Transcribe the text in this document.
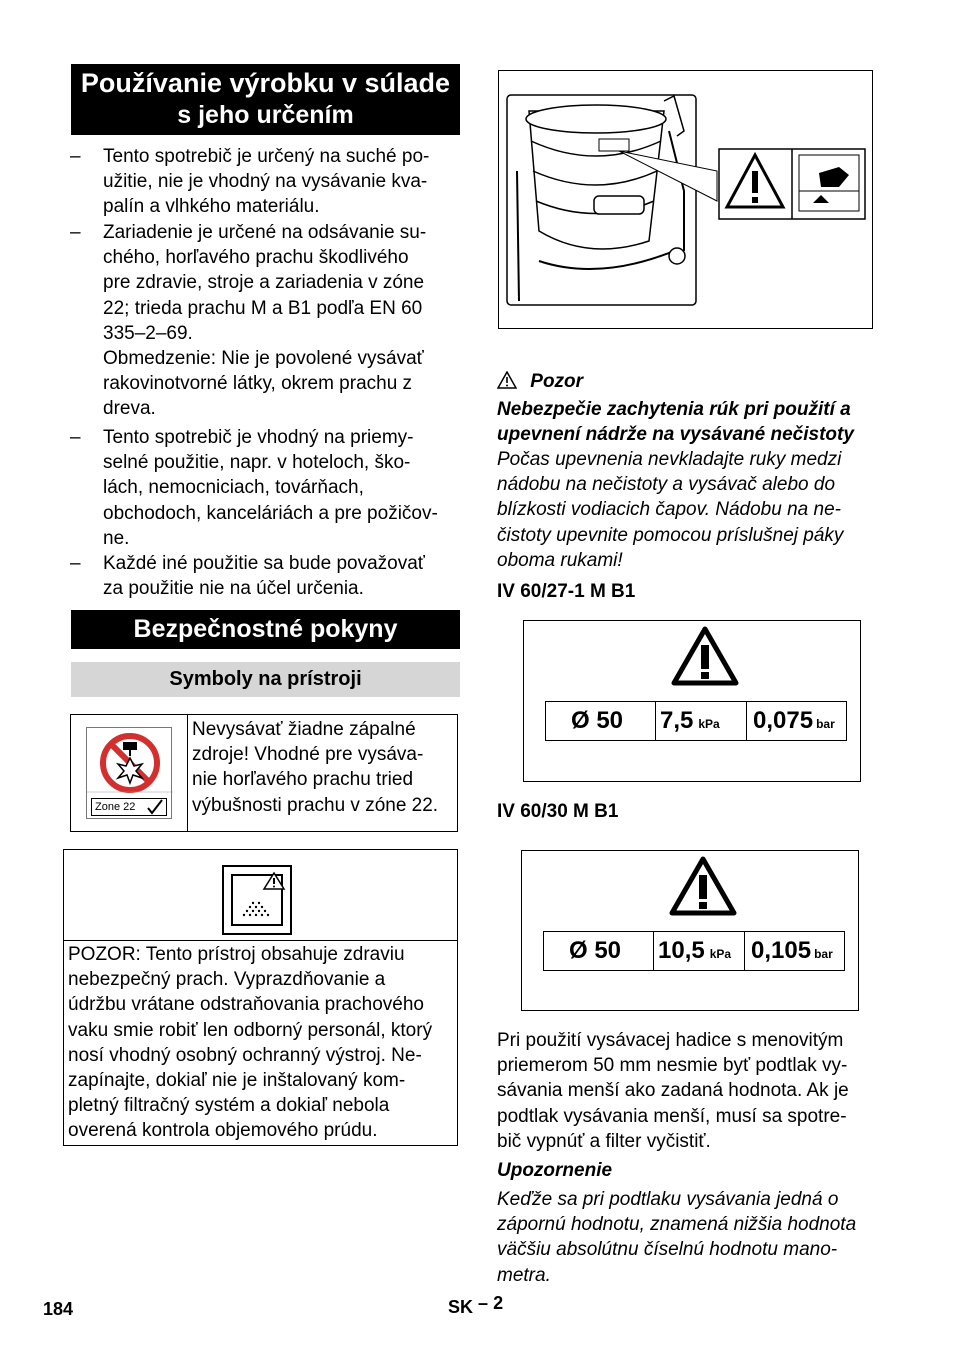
Používanie výrobku v súlade
s jeho určením
– Tento spotrebič je určený na suché po-
užitie, nie je vhodný na vysávanie kva-
palín a vlhkého materiálu.
– Zariadenie je určené na odsávanie su-
chého, horľavého prachu škodlivého
pre zdravie, stroje a zariadenia v zóne
22; trieda prachu M a B1 podľa EN 60
335–2–69.
Obmedzenie: Nie je povolené vysávať
rakovinotvorné látky, okrem prachu z
dreva.
– Tento spotrebič je vhodný na priemy-
selné použitie, napr. v hoteloch, ško-
lách, nemocniciach, továrňach,
obchodoch, kanceláriách a pre požičov-
ne.
– Každé iné použitie sa bude považovať
za použitie nie na účel určenia.
Bezpečnostné pokyny
Symboly na prístroji
Zone 22
Nevysávať žiadne zápalné
zdroje! Vhodné pre vysáva-
nie horľavého prachu tried
výbušnosti prachu v zóne 22.
POZOR: Tento prístroj obsahuje zdraviu
nebezpečný prach. Vyprazdňovanie a
údržbu vrátane odstraňovania prachového
vaku smie robiť len odborný personál, ktorý
nosí vhodný osobný ochranný výstroj. Ne-
zapínajte, dokiaľ nie je inštalovaný kom-
pletný filtračný systém a dokiaľ nebola
overená kontrola objemového prúdu.
Pozor
Nebezpečie zachytenia rúk pri použití a
upevnení nádrže na vysávané nečistoty
Počas upevnenia nevkladajte ruky medzi
nádobu na nečistoty a vysávač alebo do
blízkosti vodiacich čapov. Nádobu na ne-
čistoty upevnite pomocou príslušnej páky
oboma rukami!
IV 60/27-1 M B1
Ø 50 7,5 kPa 0,075 bar
IV 60/30 M B1
Ø 50 10,5 kPa 0,105 bar
Pri použití vysávacej hadice s menovitým
priemerom 50 mm nesmie byť podtlak vy-
sávania menší ako zadaná hodnota. Ak je
podtlak vysávania menší, musí sa spotre-
bič vypnúť a filter vyčistiť.
Upozornenie
Keďže sa pri podtlaku vysávania jedná o
zápornú hodnotu, znamená nižšia hodnota
väčšiu absolútnu číselnú hodnotu mano-
metra.
184	SK – 2
